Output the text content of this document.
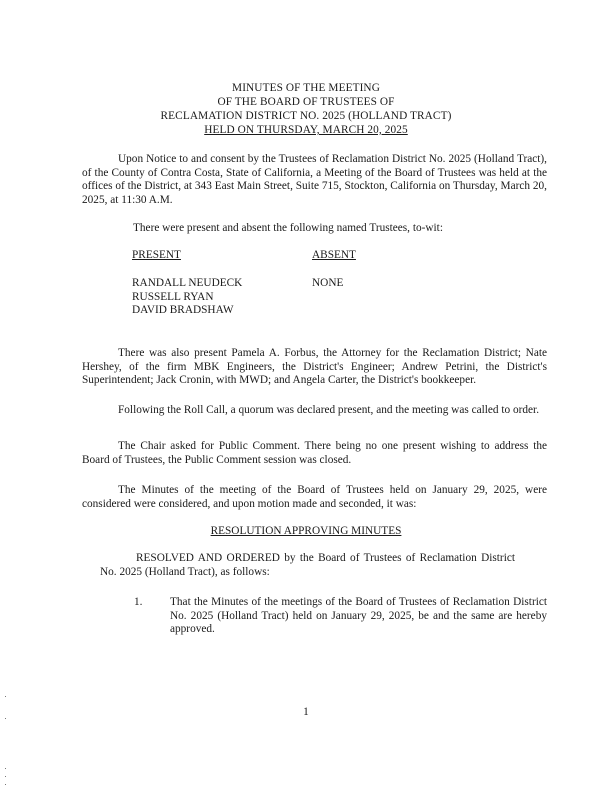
MINUTES OF THE MEETING
OF THE BOARD OF TRUSTEES OF
RECLAMATION DISTRICT NO. 2025 (HOLLAND TRACT)
HELD ON THURSDAY, MARCH 20, 2025
Upon Notice to and consent by the Trustees of Reclamation District No. 2025 (Holland Tract), of the County of Contra Costa, State of California, a Meeting of the Board of Trustees was held at the offices of the District, at 343 East Main Street, Suite 715, Stockton, California on Thursday, March 20, 2025, at 11:30 A.M.
There were present and absent the following named Trustees, to-wit:
PRESENT	ABSENT
RANDALL NEUDECK
RUSSELL RYAN
DAVID BRADSHAW
NONE
There was also present Pamela A. Forbus, the Attorney for the Reclamation District; Nate Hershey, of the firm MBK Engineers, the District's Engineer; Andrew Petrini, the District's Superintendent; Jack Cronin, with MWD; and Angela Carter, the District's bookkeeper.
Following the Roll Call, a quorum was declared present, and the meeting was called to order.
The Chair asked for Public Comment. There being no one present wishing to address the Board of Trustees, the Public Comment session was closed.
The Minutes of the meeting of the Board of Trustees held on January 29, 2025, were considered were considered, and upon motion made and seconded, it was:
RESOLUTION APPROVING MINUTES
RESOLVED AND ORDERED by the Board of Trustees of Reclamation District No. 2025 (Holland Tract), as follows:
1. That the Minutes of the meetings of the Board of Trustees of Reclamation District No. 2025 (Holland Tract) held on January 29, 2025, be and the same are hereby approved.
1
